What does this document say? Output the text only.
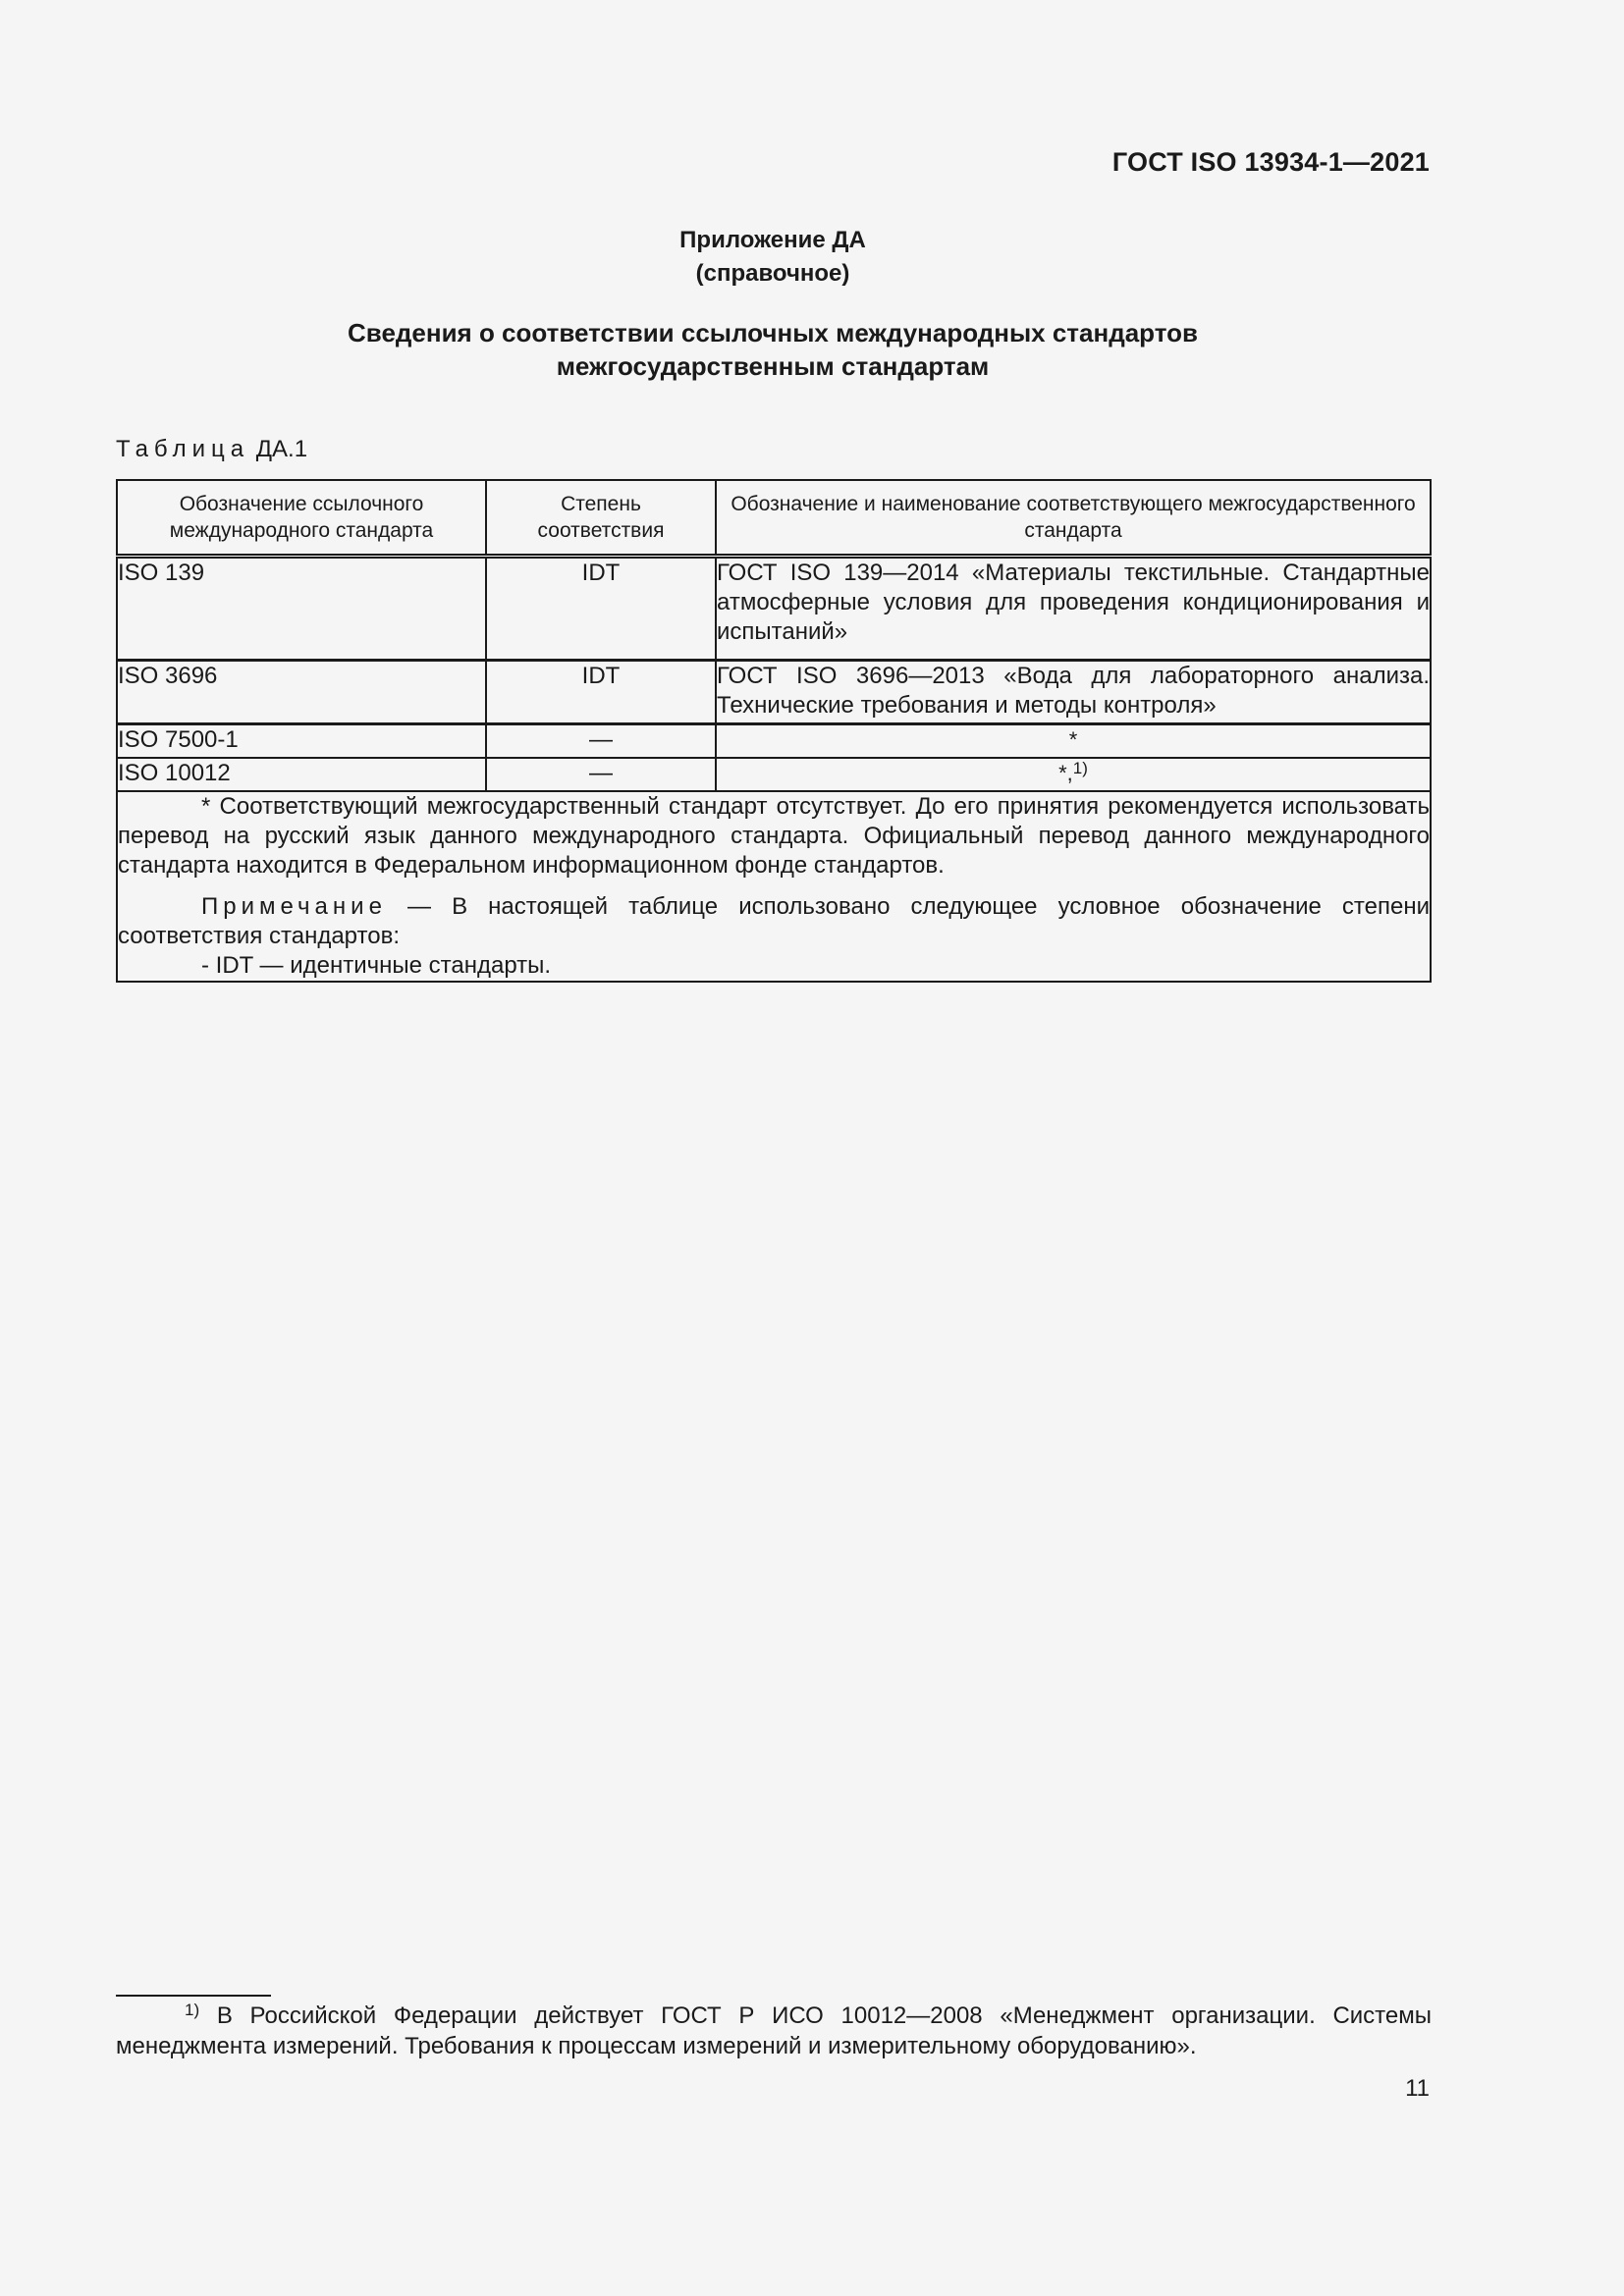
ГОСТ ISO 13934-1—2021
Приложение ДА
(справочное)
Сведения о соответствии ссылочных международных стандартов
межгосударственным стандартам
Таблица ДА.1
Обозначение ссылочного международного стандарта	Степень соответствия	Обозначение и наименование соответствующего межгосударственного стандарта
ISO 139	IDT	ГОСТ ISO 139—2014 «Материалы текстильные. Стандартные атмосферные условия для проведения кондиционирования и испытаний»
ISO 3696	IDT	ГОСТ ISO 3696—2013 «Вода для лабораторного анализа. Технические требования и методы контроля»
ISO 7500-1	—	*
ISO 10012	—	*,$^{1)}$

* Соответствующий межгосударственный стандарт отсутствует. До его принятия рекомендуется использовать перевод на русский язык данного международного стандарта. Официальный перевод данного международного стандарта находится в Федеральном информационном фонде стандартов.

Примечание — В настоящей таблице использовано следующее условное обозначение степени соответствия стандартов:

- IDT — идентичные стандарты.		

$^{1)}$ В Российской Федерации действует ГОСТ Р ИСО 10012—2008 «Менеджмент организации. Системы менеджмента измерений. Требования к процессам измерений и измерительному оборудованию».
11
